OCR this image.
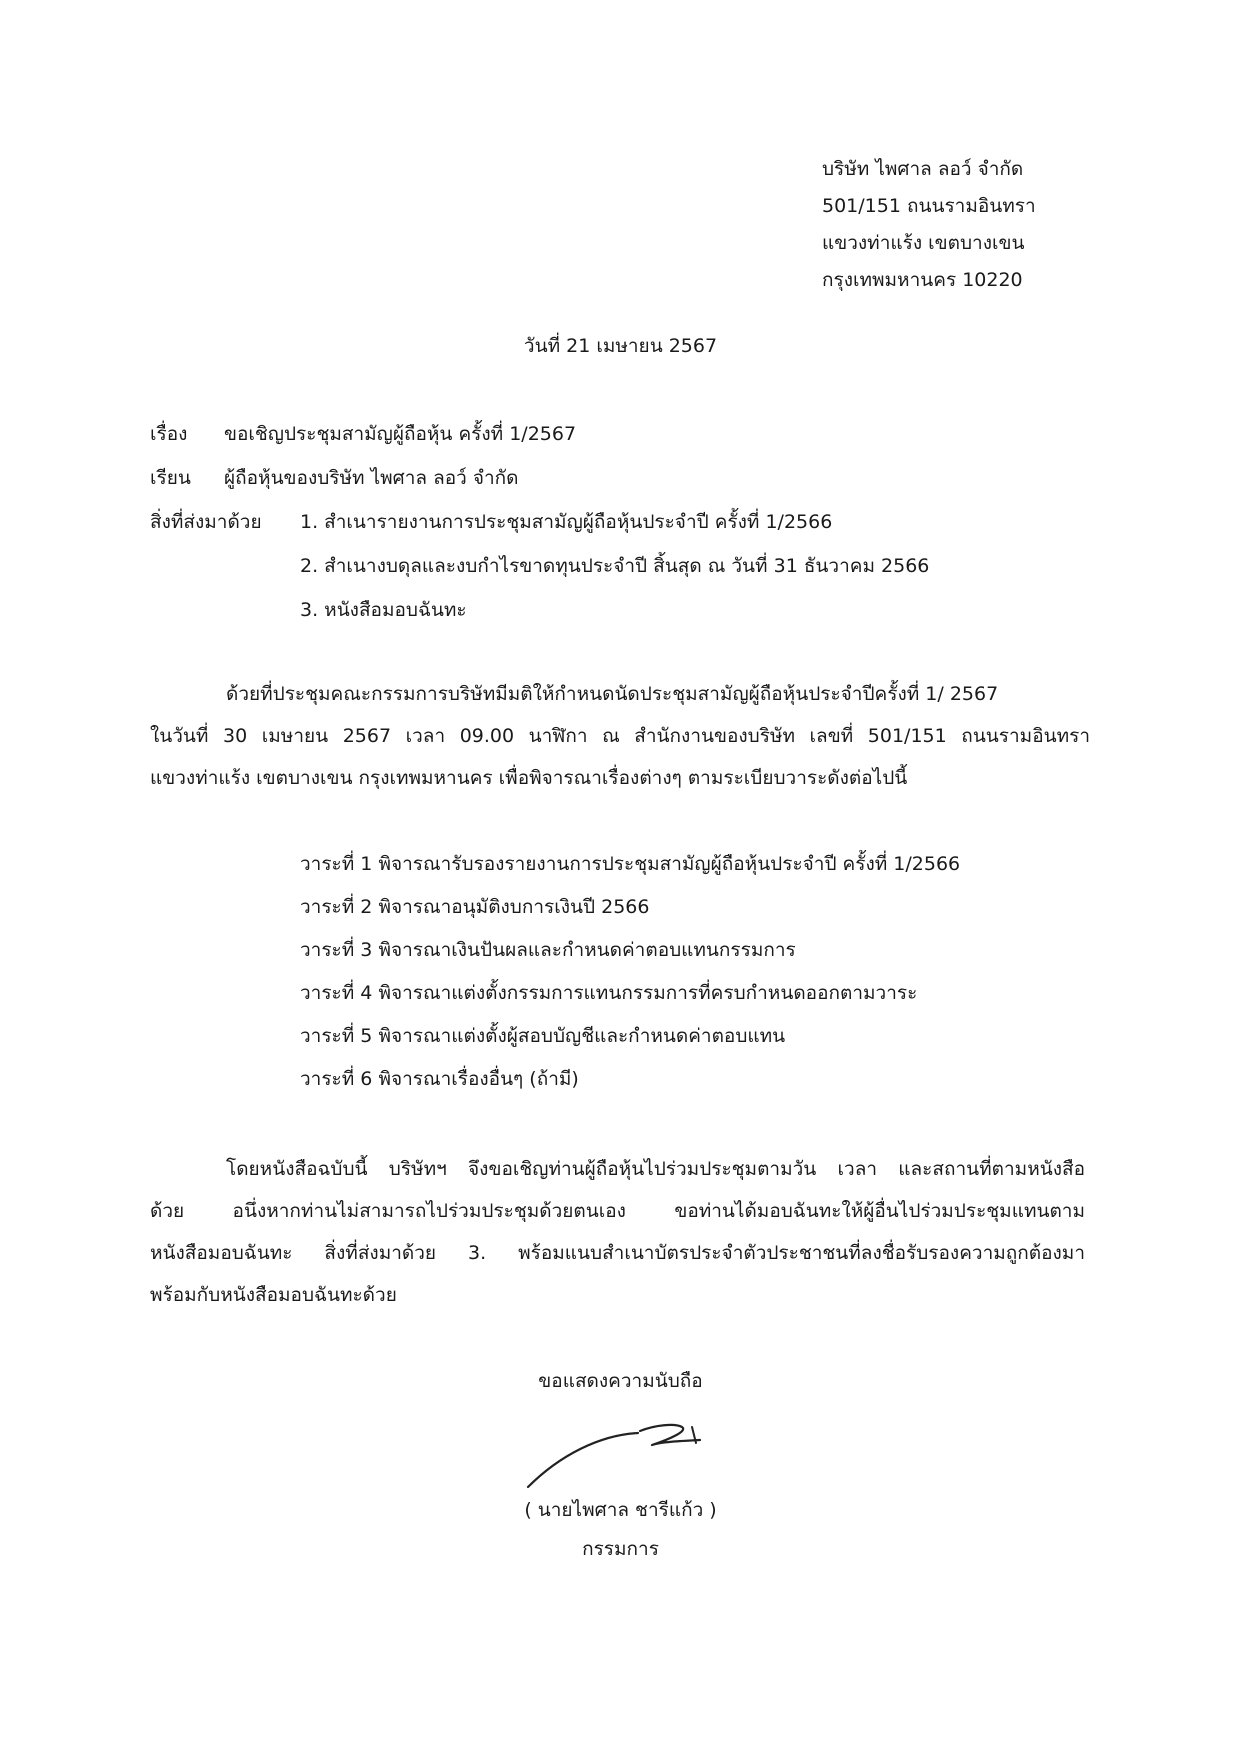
บริษัท ไพศาล ลอว์ จำกัด
501/151 ถนนรามอินทรา
แขวงท่าแร้ง เขตบางเขน
กรุงเทพมหานคร 10220
วันที่ 21 เมษายน 2567
เรื่อง ขอเชิญประชุมสามัญผู้ถือหุ้น ครั้งที่ 1/2567
เรียน ผู้ถือหุ้นของบริษัท ไพศาล ลอว์ จำกัด
สิ่งที่ส่งมาด้วย 1. สำเนารายงานการประชุมสามัญผู้ถือหุ้นประจำปี ครั้งที่ 1/2566
2. สำเนางบดุลและงบกำไรขาดทุนประจำปี สิ้นสุด ณ วันที่ 31 ธันวาคม 2566
3. หนังสือมอบฉันทะ
ด้วยที่ประชุมคณะกรรมการบริษัทมีมติให้กำหนดนัดประชุมสามัญผู้ถือหุ้นประจำปีครั้งที่ 1/ 2567
ในวันที่ 30 เมษายน 2567 เวลา 09.00 นาฬิกา ณ สำนักงานของบริษัท เลขที่ 501/151 ถนนรามอินทรา
แขวงท่าแร้ง เขตบางเขน กรุงเทพมหานคร เพื่อพิจารณาเรื่องต่างๆ ตามระเบียบวาระดังต่อไปนี้
วาระที่ 1 พิจารณารับรองรายงานการประชุมสามัญผู้ถือหุ้นประจำปี ครั้งที่ 1/2566
วาระที่ 2 พิจารณาอนุมัติงบการเงินปี 2566
วาระที่ 3 พิจารณาเงินปันผลและกำหนดค่าตอบแทนกรรมการ
วาระที่ 4 พิจารณาแต่งตั้งกรรมการแทนกรรมการที่ครบกำหนดออกตามวาระ
วาระที่ 5 พิจารณาแต่งตั้งผู้สอบบัญชีและกำหนดค่าตอบแทน
วาระที่ 6 พิจารณาเรื่องอื่นๆ (ถ้ามี)
โดยหนังสือฉบับนี้ บริษัทฯ จึงขอเชิญท่านผู้ถือหุ้นไปร่วมประชุมตามวัน เวลา และสถานที่ตามหนังสือ
ด้วย อนึ่งหากท่านไม่สามารถไปร่วมประชุมด้วยตนเอง ขอท่านได้มอบฉันทะให้ผู้อื่นไปร่วมประชุมแทนตาม
หนังสือมอบฉันทะ สิ่งที่ส่งมาด้วย 3. พร้อมแนบสำเนาบัตรประจำตัวประชาชนที่ลงชื่อรับรองความถูกต้องมา
พร้อมกับหนังสือมอบฉันทะด้วย
ขอแสดงความนับถือ
( นายไพศาล ชารีแก้ว )
กรรมการ
